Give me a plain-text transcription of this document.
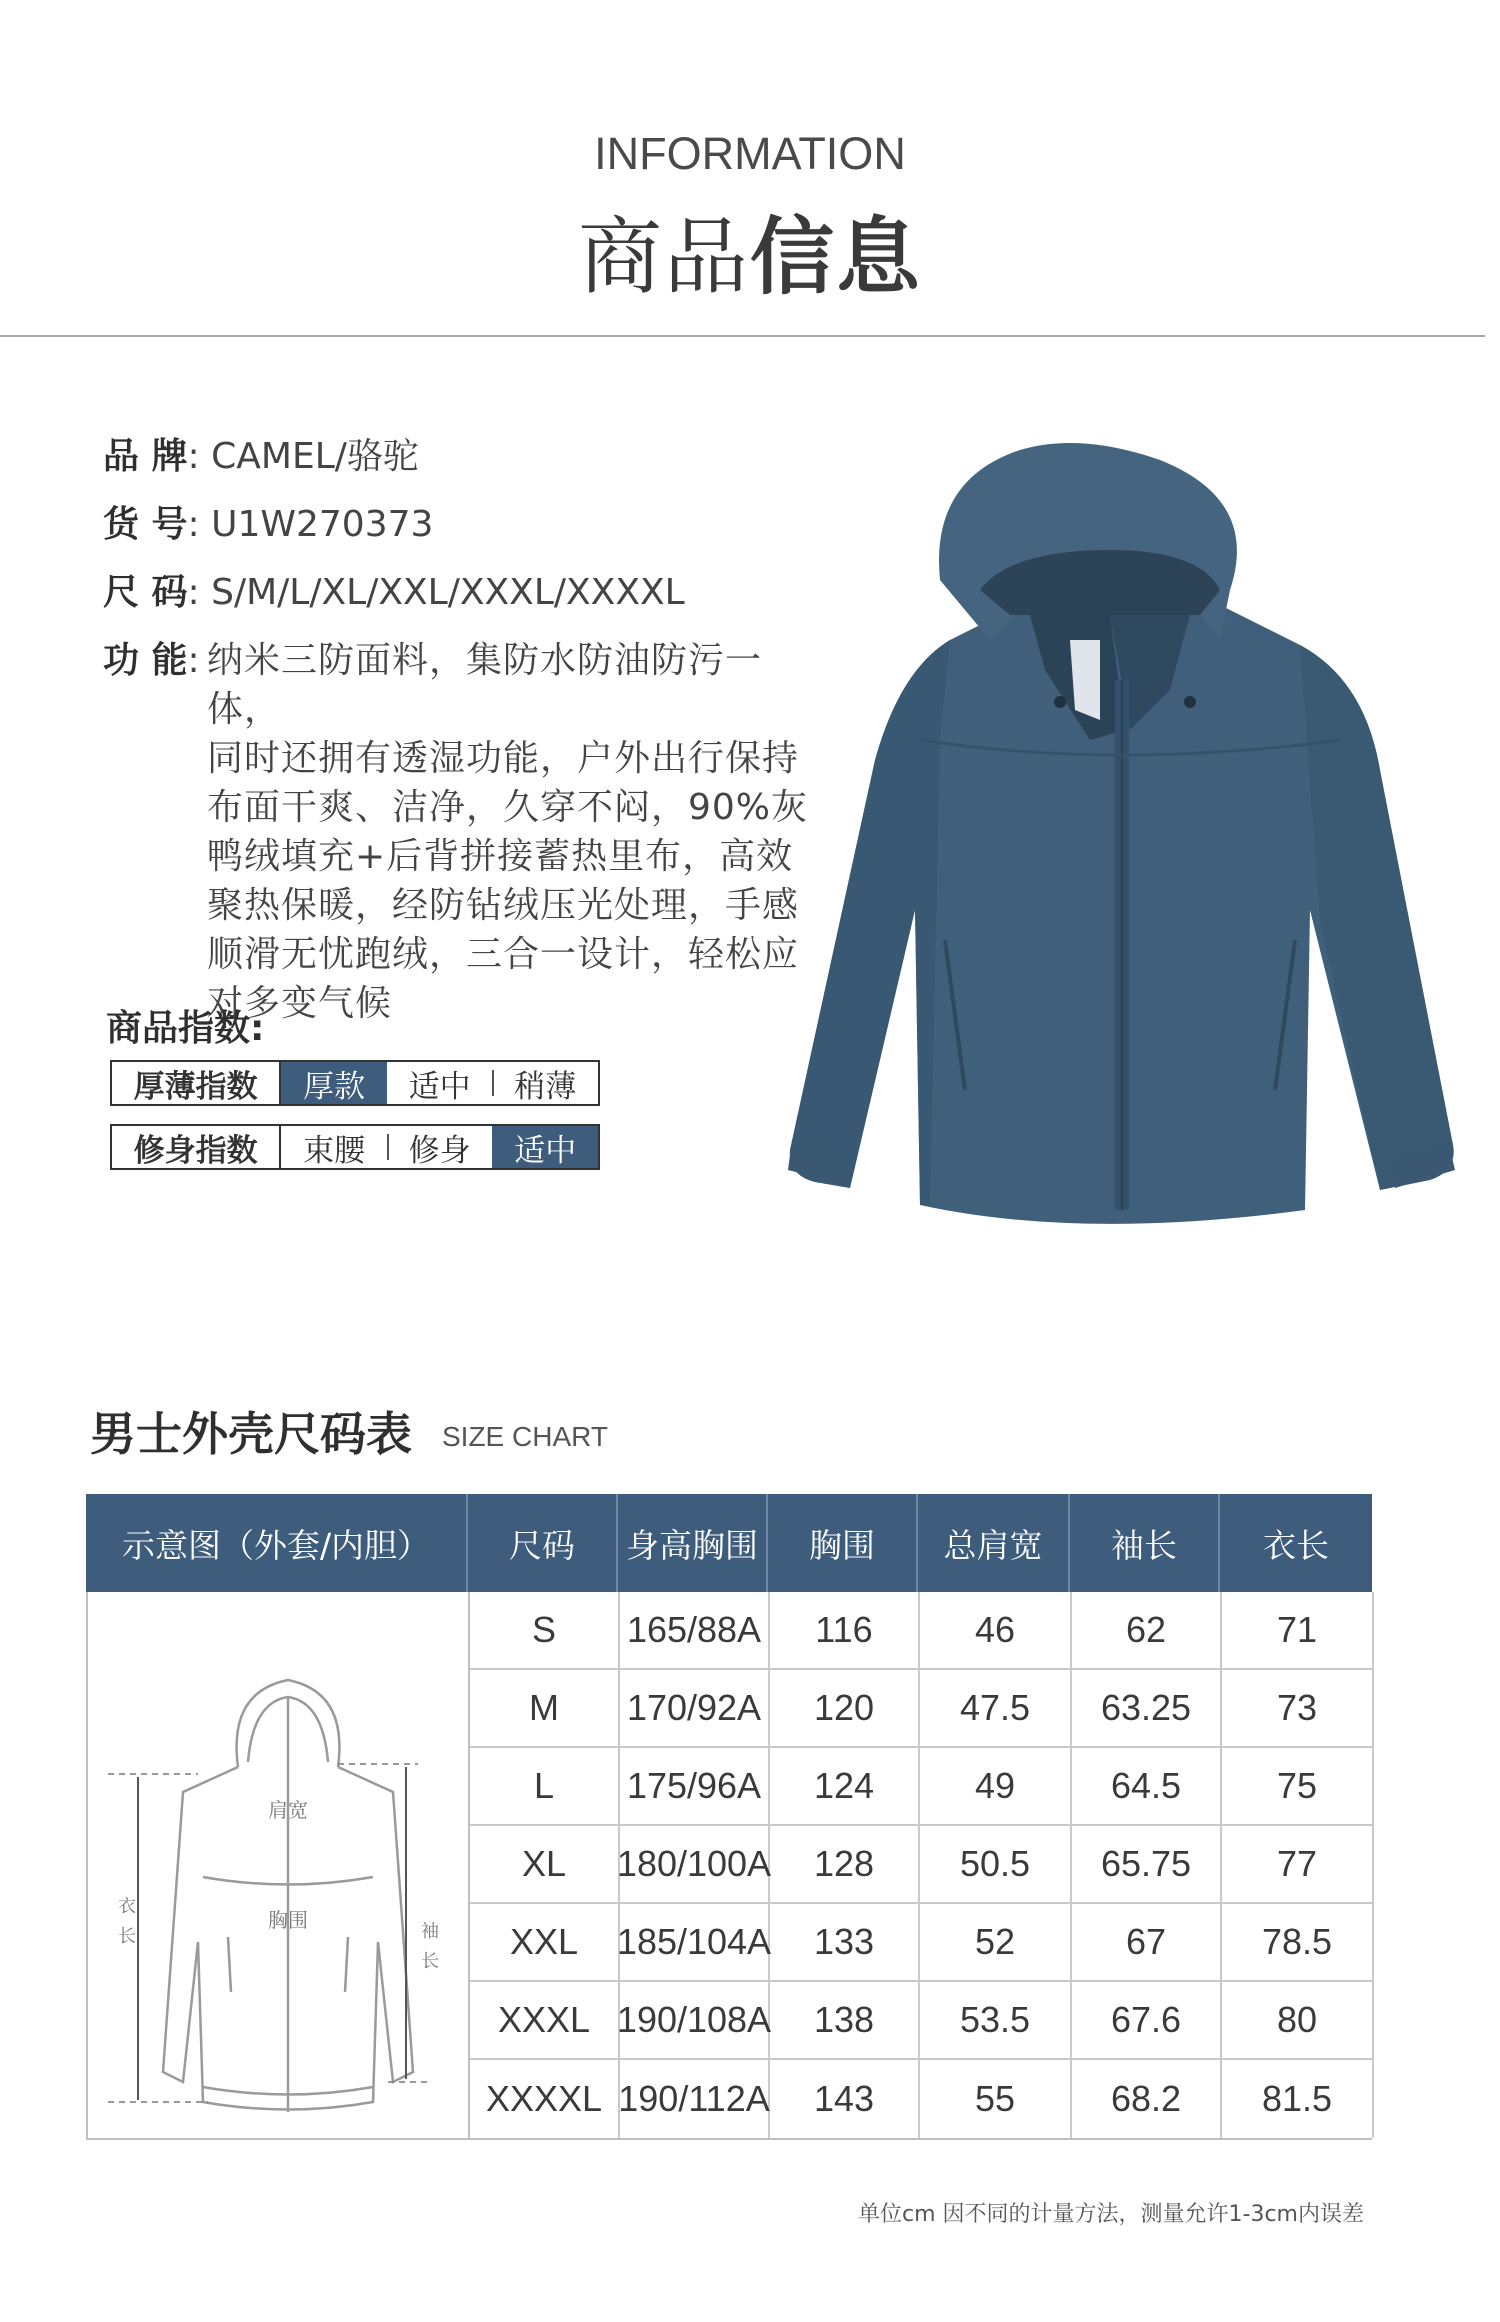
INFORMATION
商品信息
品 牌: CAMEL/骆驼
货 号: U1W270373
尺 码: S/M/L/XL/XXL/XXXL/XXXXL
功 能: 纳米三防面料，集防水防油防污一体，
同时还拥有透湿功能，户外出行保持
布面干爽、洁净，久穿不闷，90%灰
鸭绒填充+后背拼接蓄热里布，高效
聚热保暖，经防钻绒压光处理，手感
顺滑无忧跑绒，三合一设计，轻松应
对多变气候
商品指数:
厚薄指数	厚款	适中	稍薄
修身指数	束腰	修身	适中
男士外壳尺码表 SIZE CHART
示意图（外套/内胆）	尺码	身高胸围	胸围	总肩宽	袖长	衣长
肩宽
胸围
衣
长	袖
长
S	165/88A	116	46	62	71
M	170/92A	120	47.5	63.25	73
L	175/96A	124	49	64.5	75
XL	180/100A	128	50.5	65.75	77
XXL	185/104A	133	52	67	78.5
XXXL 190/108A	138	53.5	67.6	80
XXXXL 190/112A	143	55	68.2	81.5
单位cm 因不同的计量方法，测量允许1-3cm内误差
